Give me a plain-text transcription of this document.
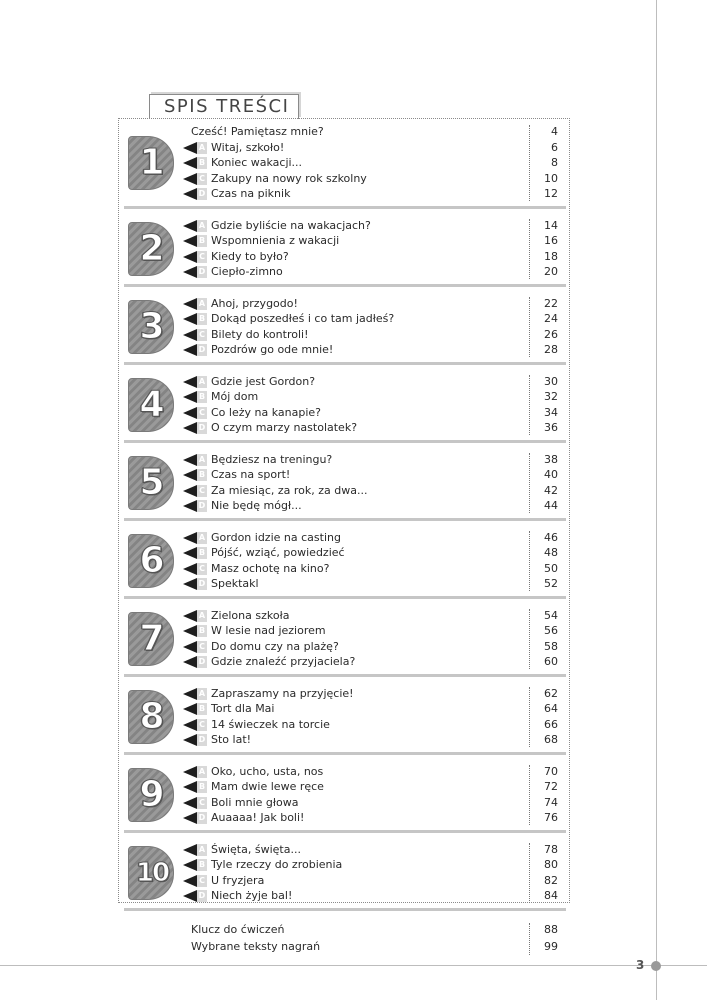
3
SPIS TREŚCI
1
Cześć! Pamiętasz mnie?	4
A Witaj, szkoło!	6
B Koniec wakacji...	8
C Zakupy na nowy rok szkolny	10
D Czas na piknik	12
2
A Gdzie byliście na wakacjach?	14
B Wspomnienia z wakacji	16
C Kiedy to było?	18
D Ciepło-zimno	20
3
A Ahoj, przygodo!	22
B Dokąd poszedłeś i co tam jadłeś?	24
C Bilety do kontroli!	26
D Pozdrów go ode mnie!	28
4
A Gdzie jest Gordon?	30
B Mój dom	32
C Co leży na kanapie?	34
D O czym marzy nastolatek?	36
5
A Będziesz na treningu?	38
B Czas na sport!	40
C Za miesiąc, za rok, za dwa...	42
D Nie będę mógł...	44
6
A Gordon idzie na casting	46
B Pójść, wziąć, powiedzieć	48
C Masz ochotę na kino?	50
D Spektakl	52
7
A Zielona szkoła	54
B W lesie nad jeziorem	56
C Do domu czy na plażę?	58
D Gdzie znaleźć przyjaciela?	60
8
A Zapraszamy na przyjęcie!	62
B Tort dla Mai	64
C 14 świeczek na torcie	66
D Sto lat!	68
9
A Oko, ucho, usta, nos	70
B Mam dwie lewe ręce	72
C Boli mnie głowa	74
D Auaaaa! Jak boli!	76
10
A Święta, święta...	78
B Tyle rzeczy do zrobienia	80
C U fryzjera	82
D Niech żyje bal!	84
Klucz do ćwiczeń	88
Wybrane teksty nagrań	99
